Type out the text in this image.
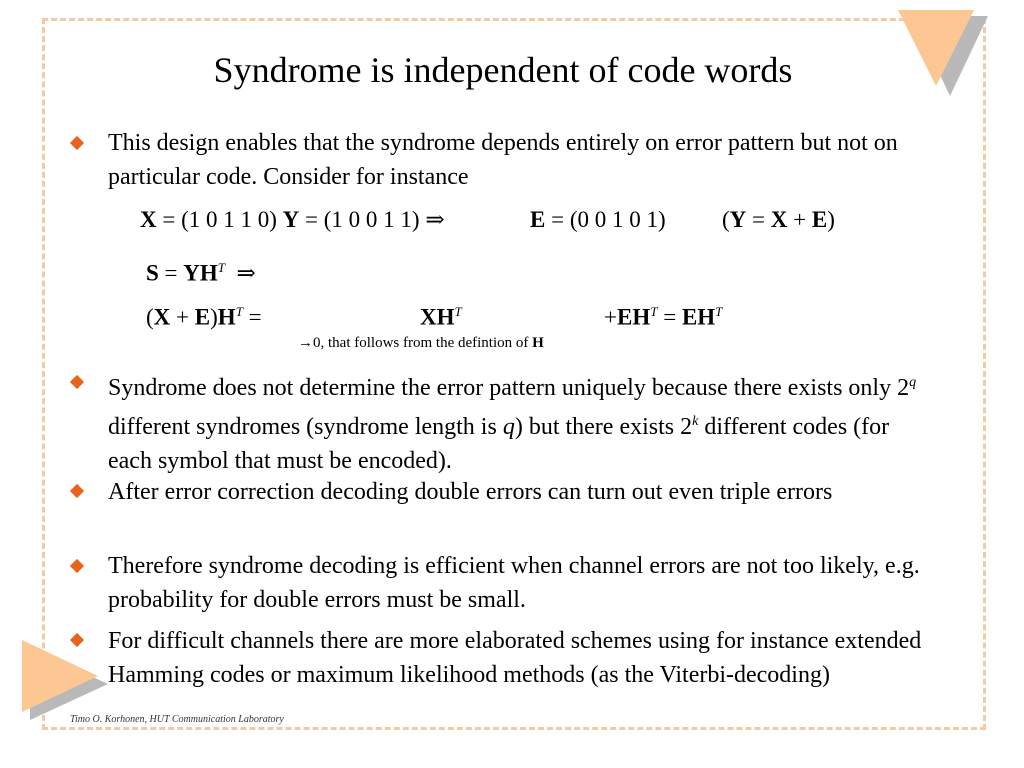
Syndrome is independent of code words
This design enables that the syndrome depends entirely on error pattern but not on particular code. Consider for instance
X = (1 0 1 1 0) Y = (1 0 0 1 1) ⇒	E = (0 0 1 0 1) (Y = X + E)
$S = YH^T$  ⇒
$(X + E)H^T$ =	$XH^T$	$+EH^T = EH^T$
→0, that follows from the defintion of H
Syndrome does not determine the error pattern uniquely because there exists only 2$^q$ different syndromes (syndrome length is q) but there exists 2$^k$ different codes (for each symbol that must be encoded).
After error correction decoding double errors can turn out even triple errors
Therefore syndrome decoding is efficient when channel errors are not too likely, e.g. probability for double errors must be small.
For difficult channels there are more elaborated schemes using for instance extended Hamming codes or maximum likelihood methods (as the Viterbi-decoding)
Timo O. Korhonen, HUT Communication Laboratory
